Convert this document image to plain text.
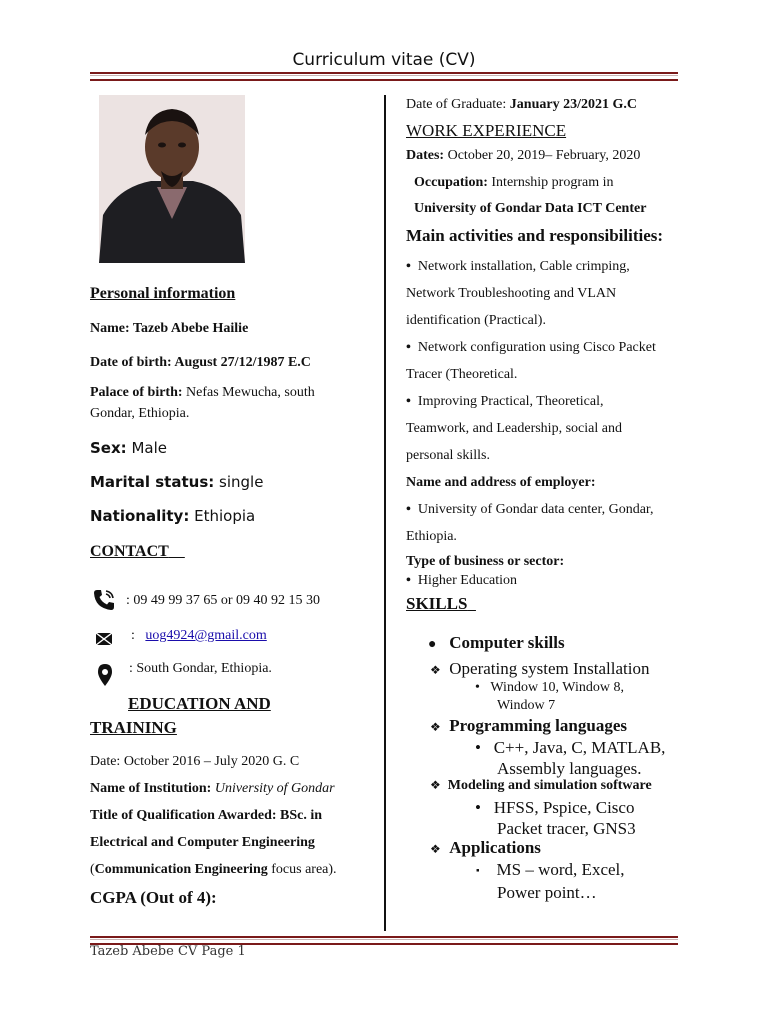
Curriculum vitae (CV)
Personal information
Name: Tazeb Abebe Hailie
Date of birth: August 27/12/1987 E.C
Palace of birth: Nefas Mewucha, south
Gondar, Ethiopia.
Sex: Male
Marital status: single
Nationality: Ethiopia
CONTACT
: 09 49 99 37 65 or 09 40 92 15 30
: uog4924@gmail.com
: South Gondar, Ethiopia.
EDUCATION AND
TRAINING
Date: October 2016 – July 2020 G. C
Name of Institution: University of Gondar
Title of Qualification Awarded: BSc. in
Electrical and Computer Engineering
(Communication Engineering focus area).
CGPA (Out of 4):
Date of Graduate: January 23/2021 G.C
WORK EXPERIENCE
Dates: October 20, 2019– February, 2020
Occupation: Internship program in
University of Gondar Data ICT Center
Main activities and responsibilities:
• Network installation, Cable crimping,
Network Troubleshooting and VLAN
identification (Practical).
• Network configuration using Cisco Packet
Tracer (Theoretical.
• Improving Practical, Theoretical,
Teamwork, and Leadership, social and
personal skills.
Name and address of employer:
• University of Gondar data center, Gondar,
Ethiopia.
Type of business or sector:
• Higher Education
SKILLS
● Computer skills
❖ Operating system Installation
• Window 10, Window 8,
Window 7
❖ Programming languages
• C++, Java, C, MATLAB,
Assembly languages.
❖ Modeling and simulation software
• HFSS, Pspice, Cisco
Packet tracer, GNS3
❖ Applications
▪ MS – word, Excel,
Power point…
Tazeb Abebe CV Page 1
